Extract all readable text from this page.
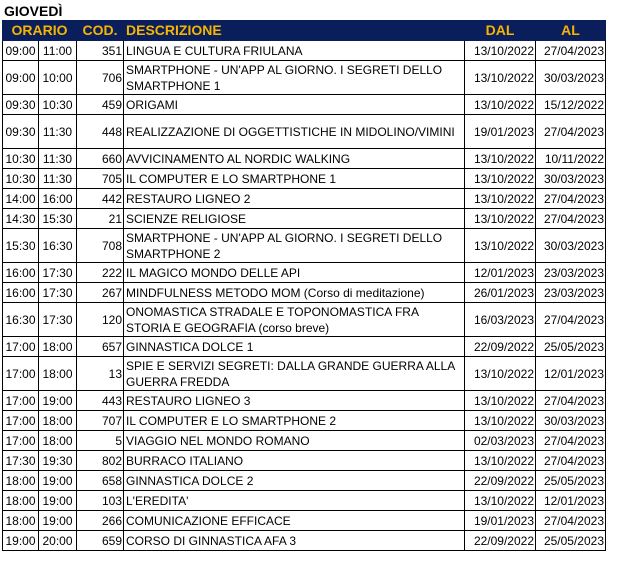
GIOVEDÌ
ORARIO		COD.	DESCRIZIONE	DAL	AL
09:00	11:00	351	LINGUA E CULTURA FRIULANA	13/10/2022	27/04/2023
09:00	10:00	706	SMARTPHONE - UN'APP AL GIORNO. I SEGRETI DELLO SMARTPHONE 1	13/10/2022	30/03/2023
09:30	10:30	459	ORIGAMI	13/10/2022	15/12/2022
09:30	11:30	448	REALIZZAZIONE DI OGGETTISTICHE IN MIDOLINO/VIMINI	19/01/2023	27/04/2023
10:30	11:30	660	AVVICINAMENTO AL NORDIC WALKING	13/10/2022	10/11/2022
10:30	11:30	705	IL COMPUTER E LO SMARTPHONE 1	13/10/2022	30/03/2023
14:00	16:00	442	RESTAURO LIGNEO 2	13/10/2022	27/04/2023
14:30	15:30	21	SCIENZE RELIGIOSE	13/10/2022	27/04/2023
15:30	16:30	708	SMARTPHONE - UN'APP AL GIORNO. I SEGRETI DELLO SMARTPHONE 2	13/10/2022	30/03/2023
16:00	17:30	222	IL MAGICO MONDO DELLE API	12/01/2023	23/03/2023
16:00	17:30	267	MINDFULNESS METODO MOM (Corso di meditazione)	26/01/2023	23/03/2023
16:30	17:30	120	ONOMASTICA STRADALE E TOPONOMASTICA FRA STORIA E GEOGRAFIA (corso breve)	16/03/2023	27/04/2023
17:00	18:00	657	GINNASTICA DOLCE 1	22/09/2022	25/05/2023
17:00	18:00	13	SPIE E SERVIZI SEGRETI: DALLA GRANDE GUERRA ALLA GUERRA FREDDA	13/10/2022	12/01/2023
17:00	19:00	443	RESTAURO LIGNEO 3	13/10/2022	27/04/2023
17:00	18:00	707	IL COMPUTER E LO SMARTPHONE 2	13/10/2022	30/03/2023
17:00	18:00	5	VIAGGIO NEL MONDO ROMANO	02/03/2023	27/04/2023
17:30	19:30	802	BURRACO ITALIANO	13/10/2022	27/04/2023
18:00	19:00	658	GINNASTICA DOLCE 2	22/09/2022	25/05/2023
18:00	19:00	103	L'EREDITA'	13/10/2022	12/01/2023
18:00	19:00	266	COMUNICAZIONE EFFICACE	19/01/2023	27/04/2023
19:00	20:00	659	CORSO DI GINNASTICA AFA 3	22/09/2022	25/05/2023
